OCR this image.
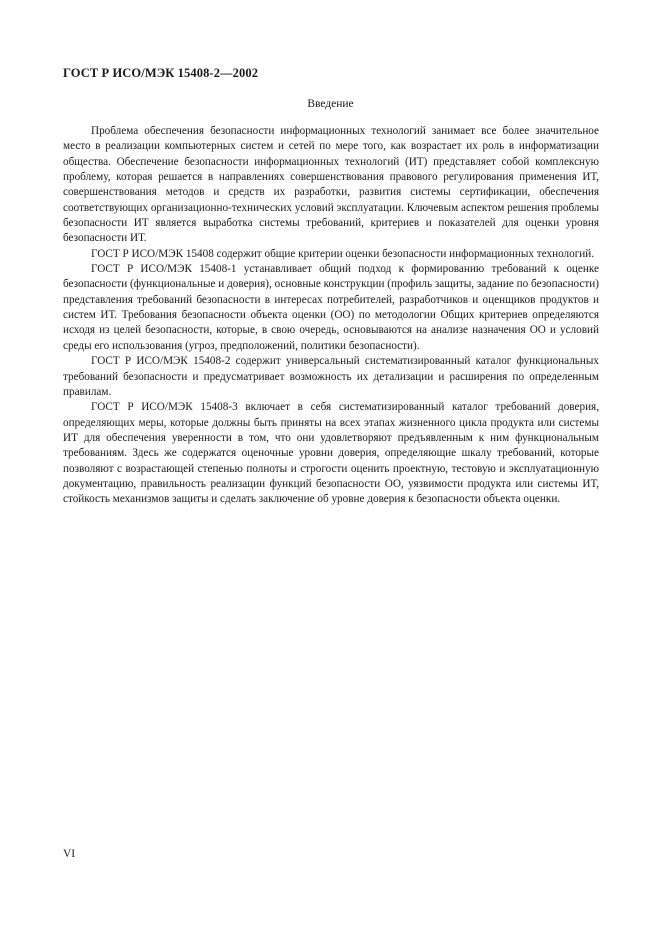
ГОСТ Р ИСО/МЭК 15408-2—2002
Введение

Проблема обеспечения безопасности информационных технологий занимает все более значительное место в реализации компьютерных систем и сетей по мере того, как возрастает их роль в информатизации общества. Обеспечение безопасности информационных технологий (ИТ) представляет собой комплексную проблему, которая решается в направлениях совершенствования правового регулирования применения ИТ, совершенствования методов и средств их разработки, развития системы сертификации, обеспечения соответствующих организационно-технических условий эксплуатации. Ключевым аспектом решения проблемы безопасности ИТ является выработка системы требований, критериев и показателей для оценки уровня безопасности ИТ.

ГОСТ Р ИСО/МЭК 15408 содержит общие критерии оценки безопасности информационных технологий.

ГОСТ Р ИСО/МЭК 15408-1 устанавливает общий подход к формированию требований к оценке безопасности (функциональные и доверия), основные конструкции (профиль защиты, задание по безопасности) представления требований безопасности в интересах потребителей, разработчиков и оценщиков продуктов и систем ИТ. Требования безопасности объекта оценки (ОО) по методологии Общих критериев определяются исходя из целей безопасности, которые, в свою очередь, основываются на анализе назначения ОО и условий среды его использования (угроз, предположений, политики безопасности).

ГОСТ Р ИСО/МЭК 15408-2 содержит универсальный систематизированный каталог функциональных требований безопасности и предусматривает возможность их детализации и расширения по определенным правилам.

ГОСТ Р ИСО/МЭК 15408-3 включает в себя систематизированный каталог требований доверия, определяющих меры, которые должны быть приняты на всех этапах жизненного цикла продукта или системы ИТ для обеспечения уверенности в том, что они удовлетворяют предъявленным к ним функциональным требованиям. Здесь же содержатся оценочные уровни доверия, определяющие шкалу требований, которые позволяют с возрастающей степенью полноты и строгости оценить проектную, тестовую и эксплуатационную документацию, правильность реализации функций безопасности ОО, уязвимости продукта или системы ИТ, стойкость механизмов защиты и сделать заключение об уровне доверия к безопасности объекта оценки.

VI
